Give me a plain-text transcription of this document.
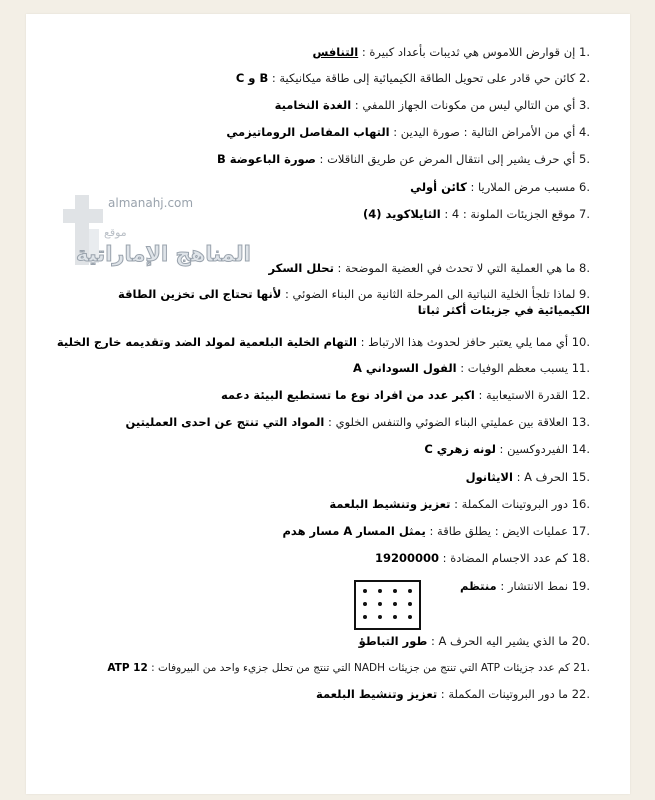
almanahj.com
موقع
المناهج الإماراتية
.1 إن قوارض اللاموس هي ثديبات بأعداد كبيرة : التنافس
.2 كائن حي قادر على تحويل الطاقة الكيميائية إلى طاقة ميكانيكية : B و C
.3 أي من التالي ليس من مكونات الجهاز اللمفي : الغدة النخامية
.4 أي من الأمراض التالية : صورة اليدين : التهاب المفاصل الروماتيزمي
.5 أي حرف يشير إلى انتقال المرض عن طريق الناقلات : صورة الباعوضة B
.6 مسبب مرض الملاريا : كائن أولي
.7 موقع الجزيئات الملونة : 4 : الثايلاكويد (4)
.8 ما هي العملية التي لا تحدث في العضية الموضحة : تحلل السكر
.9 لماذا تلجأ الخلية النباتية الى المرحلة الثانية من البناء الضوئي : لأنها تحتاج الى تخزين الطاقة الكيميائية في جزيئات أكثر ثباتا
.10 أي مما يلي يعتبر حافز لحدوث هذا الارتباط : التهام الخلية البلعمية لمولد الضد وتقديمه خارج الخلية
.11 يسبب معظم الوفيات : الفول السوداني A
.12 القدرة الاستيعابية : اكبر عدد من افراد نوع ما تستطيع البيئة دعمه
.13 العلاقة بين عمليتي البناء الضوئي والتنفس الخلوي : المواد التي تنتج عن احدى العمليتين
.14 الفيردوكسين : لونه زهري C
.15 الحرف A : الايثانول
.16 دور البروتينات المكملة : تعزيز وتنشيط البلعمة
.17 عمليات الايض : يطلق طاقة : يمثل المسار A مسار هدم
.18 كم عدد الاجسام المضادة : 19200000
.19 نمط الانتشار : منتظم
.20 ما الذي يشير اليه الحرف A : طور التباطؤ
.21 كم عدد جزيئات ATP التي تنتج من جزيئات NADH التي تنتج من تحلل جزيء واحد من البيروفات : 12 ATP
.22 ما دور البروتينات المكملة : تعزيز وتنشيط البلعمة
